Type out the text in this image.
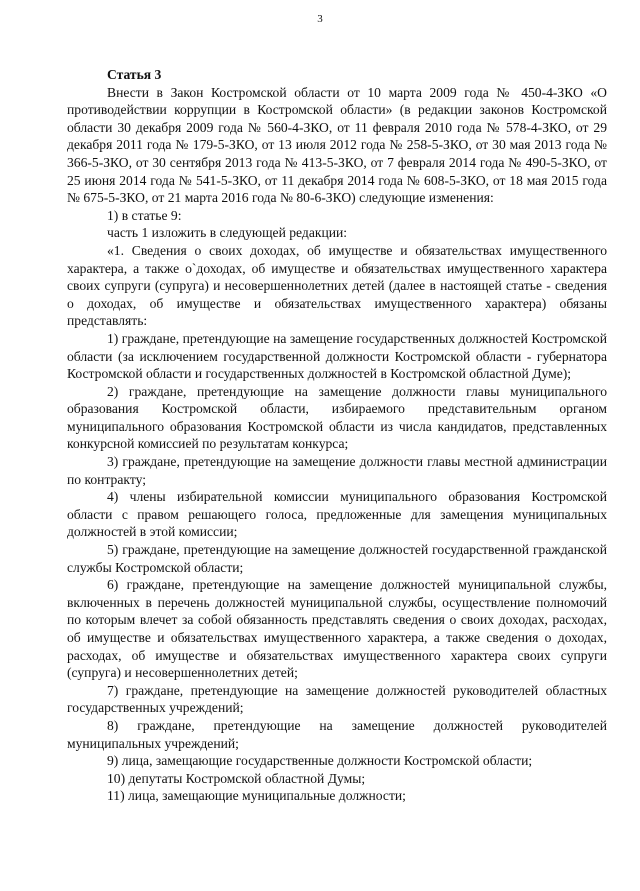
3
Статья 3

Внести в Закон Костромской области от 10 марта 2009 года № 450-4-ЗКО «О противодействии коррупции в Костромской области» (в редакции законов Костромской области 30 декабря 2009 года № 560-4-ЗКО, от 11 февраля 2010 года № 578-4-ЗКО, от 29 декабря 2011 года № 179-5-ЗКО, от 13 июля 2012 года № 258-5-ЗКО, от 30 мая 2013 года № 366-5-ЗКО, от 30 сентября 2013 года № 413-5-ЗКО, от 7 февраля 2014 года № 490-5-ЗКО, от 25 июня 2014 года № 541-5-ЗКО, от 11 декабря 2014 года № 608-5-ЗКО, от 18 мая 2015 года № 675-5-ЗКО, от 21 марта 2016 года № 80-6-ЗКО) следующие изменения:

1) в статье 9:

часть 1 изложить в следующей редакции:

«1. Сведения о своих доходах, об имуществе и обязательствах имущественного характера, а также о`доходах, об имуществе и обязательствах имущественного характера своих супруги (супруга) и несовершеннолетних детей (далее в настоящей статье - сведения о доходах, об имуществе и обязательствах имущественного характера) обязаны представлять:

1) граждане, претендующие на замещение государственных должностей Костромской области (за исключением государственной должности Костромской области - губернатора Костромской области и государственных должностей в Костромской областной Думе);

2) граждане, претендующие на замещение должности главы муниципального образования Костромской области, избираемого представительным органом муниципального образования Костромской области из числа кандидатов, представленных конкурсной комиссией по результатам конкурса;

3) граждане, претендующие на замещение должности главы местной администрации по контракту;

4) члены избирательной комиссии муниципального образования Костромской области с правом решающего голоса, предложенные для замещения муниципальных должностей в этой комиссии;

5) граждане, претендующие на замещение должностей государственной гражданской службы Костромской области;

6) граждане, претендующие на замещение должностей муниципальной службы, включенных в перечень должностей муниципальной службы, осуществление полномочий по которым влечет за собой обязанность представлять сведения о своих доходах, расходах, об имуществе и обязательствах имущественного характера, а также сведения о доходах, расходах, об имуществе и обязательствах имущественного характера своих супруги (супруга) и несовершеннолетних детей;

7) граждане, претендующие на замещение должностей руководителей областных государственных учреждений;

8) граждане, претендующие на замещение должностей руководителей муниципальных учреждений;

9) лица, замещающие государственные должности Костромской области;

10) депутаты Костромской областной Думы;

11) лица, замещающие муниципальные должности;
